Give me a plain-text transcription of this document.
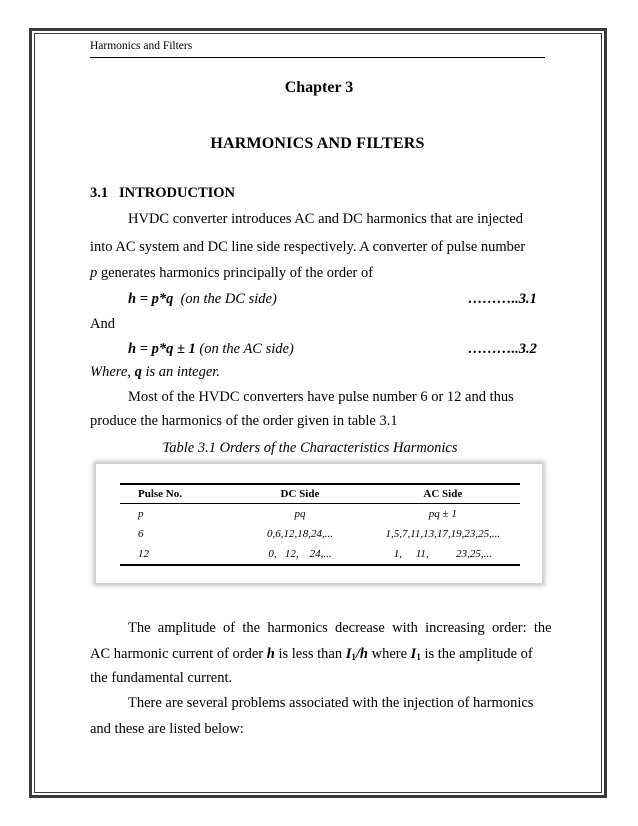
Harmonics and Filters
Chapter 3
HARMONICS AND FILTERS
3.1 INTRODUCTION
HVDC converter introduces AC and DC harmonics that are injected
into AC system and DC line side respectively. A converter of pulse number
p generates harmonics principally of the order of
h = p*q (on the DC side)	………..3.1
And
h = p*q ± 1 (on the AC side)	………..3.2
Where, q is an integer.
Most of the HVDC converters have pulse number 6 or 12 and thus
produce the harmonics of the order given in table 3.1
Table 3.1 Orders of the Characteristics Harmonics
Pulse No.	DC Side	AC Side
p	pq	pq ± 1
6	0,6,12,18,24,...	1,5,7,11,13,17,19,23,25,...
12	0,   12,    24,...	1,     11,          23,25,...
The  amplitude  of  the  harmonics  decrease  with  increasing  order:  the
AC harmonic current of order h is less than $I_1/h$ where $I_1$ is the amplitude of
the fundamental current.
There are several problems associated with the injection of harmonics
and these are listed below:
